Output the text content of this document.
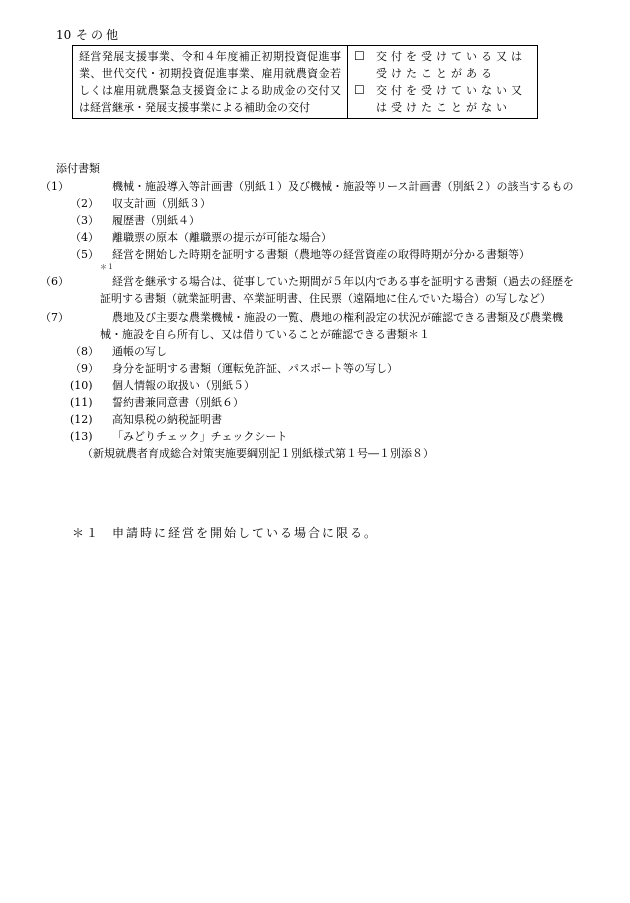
10 その他
経営発展支援事業、令和４年度補正初期投資促進事業、世代交代・初期投資促進事業、雇用就農資金若しくは雇用就農緊急支援資金による助成金の交付又は経営継承・発展支援事業による補助金の交付	
☐	交付を受けている又は受けたことがある
☐	交付を受けていない又は受けたことがない
添付書類
（1）	機械・施設導入等計画書（別紙１）及び機械・施設等リース計画書（別紙２）の該当するもの
（2） 収支計画（別紙３）
（3） 履歴書（別紙４）
（4） 離職票の原本（離職票の提示が可能な場合）
（5） 経営を開始した時期を証明する書類（農地等の経営資産の取得時期が分かる書類等）
＊１
（6）	経営を継承する場合は、従事していた期間が５年以内である事を証明する書類（過去の経歴を証明する書類（就業証明書、卒業証明書、住民票（遠隔地に住んでいた場合）の写しなど）
（7）	農地及び主要な農業機械・施設の一覧、農地の権利設定の状況が確認できる書類及び農業機械・施設を自ら所有し、又は借りていることが確認できる書類＊１
（8） 通帳の写し
（9） 身分を証明する書類（運転免許証、パスポート等の写し）
(10) 個人情報の取扱い（別紙５）
(11) 誓約書兼同意書（別紙６）
(12) 高知県税の納税証明書
(13) 「みどりチェック」チェックシート
（新規就農者育成総合対策実施要綱別記１別紙様式第１号―１別添８）
＊１ 申請時に経営を開始している場合に限る。
